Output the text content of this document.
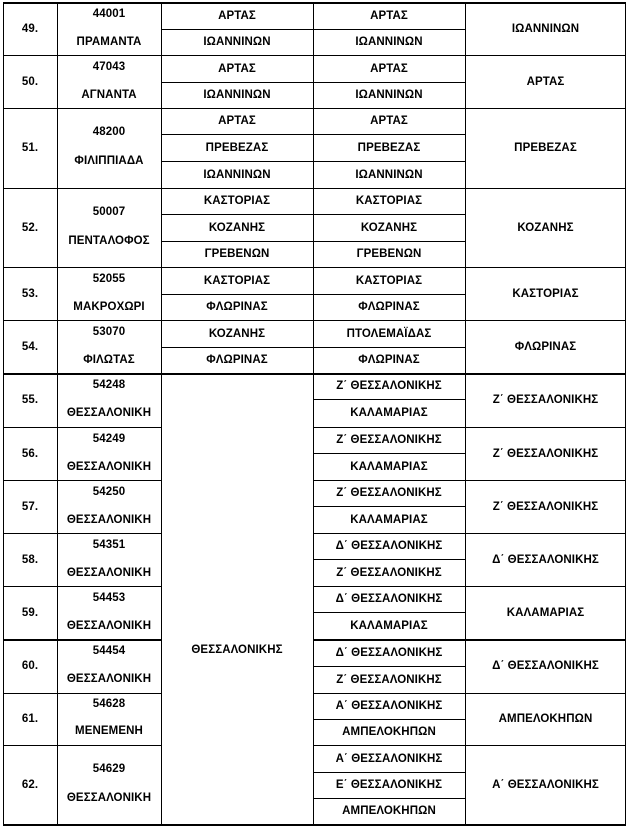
49.
44001
ΠΡΑΜΑΝΤΑ
ΑΡΤΑΣ
ΙΩΑΝΝΙΝΩΝ
ΑΡΤΑΣ
ΙΩΑΝΝΙΝΩΝ
ΙΩΑΝΝΙΝΩΝ
50.
47043
ΑΓΝΑΝΤΑ
ΑΡΤΑΣ
ΙΩΑΝΝΙΝΩΝ
ΑΡΤΑΣ
ΙΩΑΝΝΙΝΩΝ
ΑΡΤΑΣ
51.
48200
ΦΙΛΙΠΠΙΑΔΑ
ΑΡΤΑΣ
ΠΡΕΒΕΖΑΣ
ΙΩΑΝΝΙΝΩΝ
ΑΡΤΑΣ
ΠΡΕΒΕΖΑΣ
ΙΩΑΝΝΙΝΩΝ
ΠΡΕΒΕΖΑΣ
52.
50007
ΠΕΝΤΑΛΟΦΟΣ
ΚΑΣΤΟΡΙΑΣ
ΚΟΖΑΝΗΣ
ΓΡΕΒΕΝΩΝ
ΚΑΣΤΟΡΙΑΣ
ΚΟΖΑΝΗΣ
ΓΡΕΒΕΝΩΝ
ΚΟΖΑΝΗΣ
53.
52055
ΜΑΚΡΟΧΩΡΙ
ΚΑΣΤΟΡΙΑΣ
ΦΛΩΡΙΝΑΣ
ΚΑΣΤΟΡΙΑΣ
ΦΛΩΡΙΝΑΣ
ΚΑΣΤΟΡΙΑΣ
54.
53070
ΦΙΛΩΤΑΣ
ΚΟΖΑΝΗΣ
ΦΛΩΡΙΝΑΣ
ΠΤΟΛΕΜΑΪΔΑΣ
ΦΛΩΡΙΝΑΣ
ΦΛΩΡΙΝΑΣ
55.
54248
ΘΕΣΣΑΛΟΝΙΚΗ
Ζ΄ ΘΕΣΣΑΛΟΝΙΚΗΣ
ΚΑΛΑΜΑΡΙΑΣ
Ζ΄ ΘΕΣΣΑΛΟΝΙΚΗΣ
56.
54249
ΘΕΣΣΑΛΟΝΙΚΗ
Ζ΄ ΘΕΣΣΑΛΟΝΙΚΗΣ
ΚΑΛΑΜΑΡΙΑΣ
Ζ΄ ΘΕΣΣΑΛΟΝΙΚΗΣ
57.
54250
ΘΕΣΣΑΛΟΝΙΚΗ
Ζ΄ ΘΕΣΣΑΛΟΝΙΚΗΣ
ΚΑΛΑΜΑΡΙΑΣ
Ζ΄ ΘΕΣΣΑΛΟΝΙΚΗΣ
58.
54351
ΘΕΣΣΑΛΟΝΙΚΗ
Δ΄ ΘΕΣΣΑΛΟΝΙΚΗΣ
Ζ΄ ΘΕΣΣΑΛΟΝΙΚΗΣ
Δ΄ ΘΕΣΣΑΛΟΝΙΚΗΣ
59.
54453
ΘΕΣΣΑΛΟΝΙΚΗ
Δ΄ ΘΕΣΣΑΛΟΝΙΚΗΣ
ΚΑΛΑΜΑΡΙΑΣ
ΚΑΛΑΜΑΡΙΑΣ
60.
54454
ΘΕΣΣΑΛΟΝΙΚΗ
Δ΄ ΘΕΣΣΑΛΟΝΙΚΗΣ
Ζ΄ ΘΕΣΣΑΛΟΝΙΚΗΣ
Δ΄ ΘΕΣΣΑΛΟΝΙΚΗΣ
61.
54628
ΜΕΝΕΜΕΝΗ
Α΄ ΘΕΣΣΑΛΟΝΙΚΗΣ
ΑΜΠΕΛΟΚΗΠΩΝ
ΑΜΠΕΛΟΚΗΠΩΝ
62.
54629
ΘΕΣΣΑΛΟΝΙΚΗ
Α΄ ΘΕΣΣΑΛΟΝΙΚΗΣ
Ε΄ ΘΕΣΣΑΛΟΝΙΚΗΣ
ΑΜΠΕΛΟΚΗΠΩΝ
Α΄ ΘΕΣΣΑΛΟΝΙΚΗΣ
ΘΕΣΣΑΛΟΝΙΚΗΣ
